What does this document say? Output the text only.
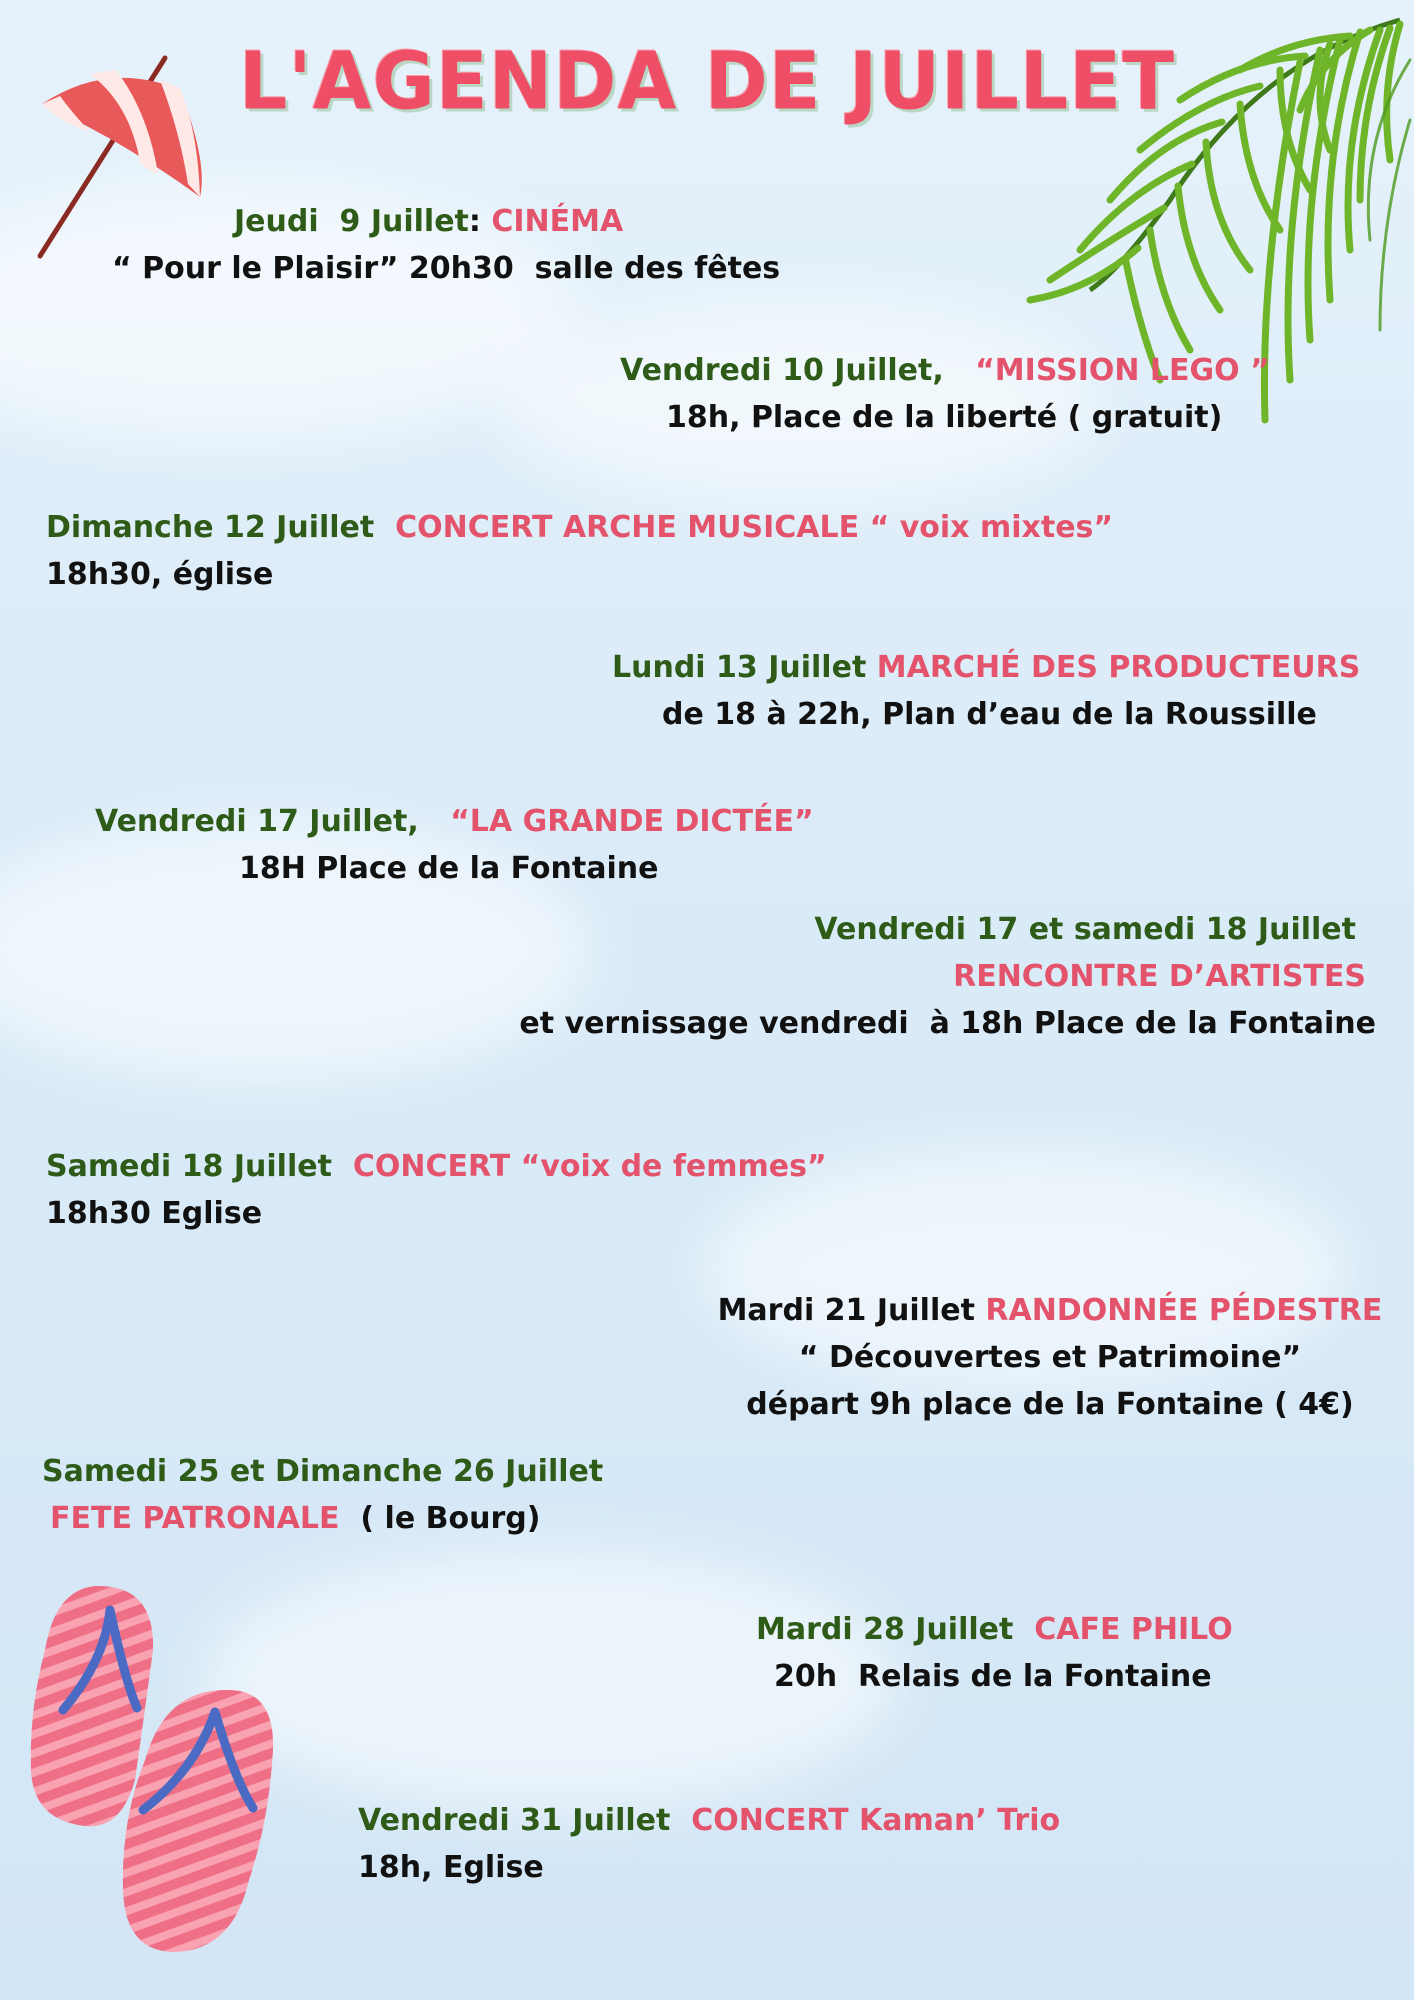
L'AGENDA DE JUILLET
Jeudi  9 Juillet: CINÉMA
“ Pour le Plaisir” 20h30  salle des fêtes
Vendredi 10 Juillet, “MISSION LEGO ”
18h, Place de la liberté ( gratuit)
Dimanche 12 Juillet CONCERT ARCHE MUSICALE “ voix mixtes”
18h30, église
Lundi 13 Juillet MARCHÉ DES PRODUCTEURS
de 18 à 22h, Plan d’eau de la Roussille
Vendredi 17 Juillet, “LA GRANDE DICTÉE”
18H Place de la Fontaine
Vendredi 17 et samedi 18 Juillet
RENCONTRE D’ARTISTES
et vernissage vendredi  à 18h Place de la Fontaine
Samedi 18 Juillet CONCERT “voix de femmes”
18h30 Eglise
Mardi 21 Juillet RANDONNÉE PÉDESTRE
“ Découvertes et Patrimoine”
départ 9h place de la Fontaine ( 4€)
Samedi 25 et Dimanche 26 Juillet
FETE PATRONALE ( le Bourg)
Mardi 28 Juillet CAFE PHILO
20h  Relais de la Fontaine
Vendredi 31 Juillet CONCERT Kaman’ Trio
18h, Eglise
